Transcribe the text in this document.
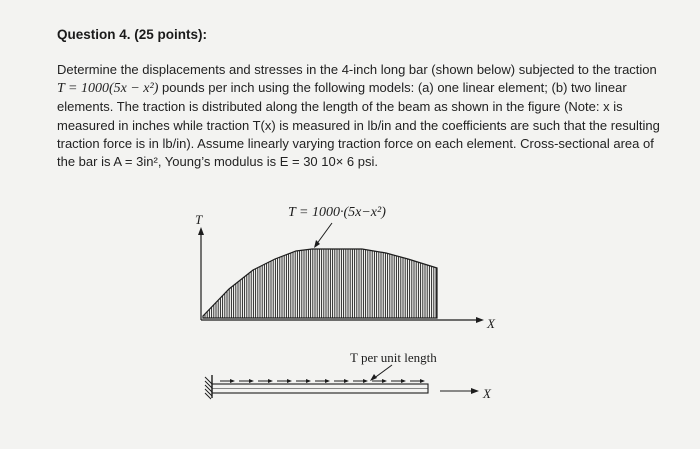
Question 4. (25 points):

Determine the displacements and stresses in the 4-inch long bar (shown below) subjected to the traction
T = 1000(5x − x²) pounds per inch using the following models: (a) one linear element; (b) two linear
elements. The traction is distributed along the length of the beam as shown in the figure (Note: x is
measured in inches while traction T(x) is measured in lb/in and the coefficients are such that the resulting
traction force is in lb/in). Assume linearly varying traction force on each element. Cross-sectional area of
the bar is A = 3in², Young’s modulus is E = 30 10× 6 psi.

T = 1000·(5x−x²)
T
X
T per unit length
X
